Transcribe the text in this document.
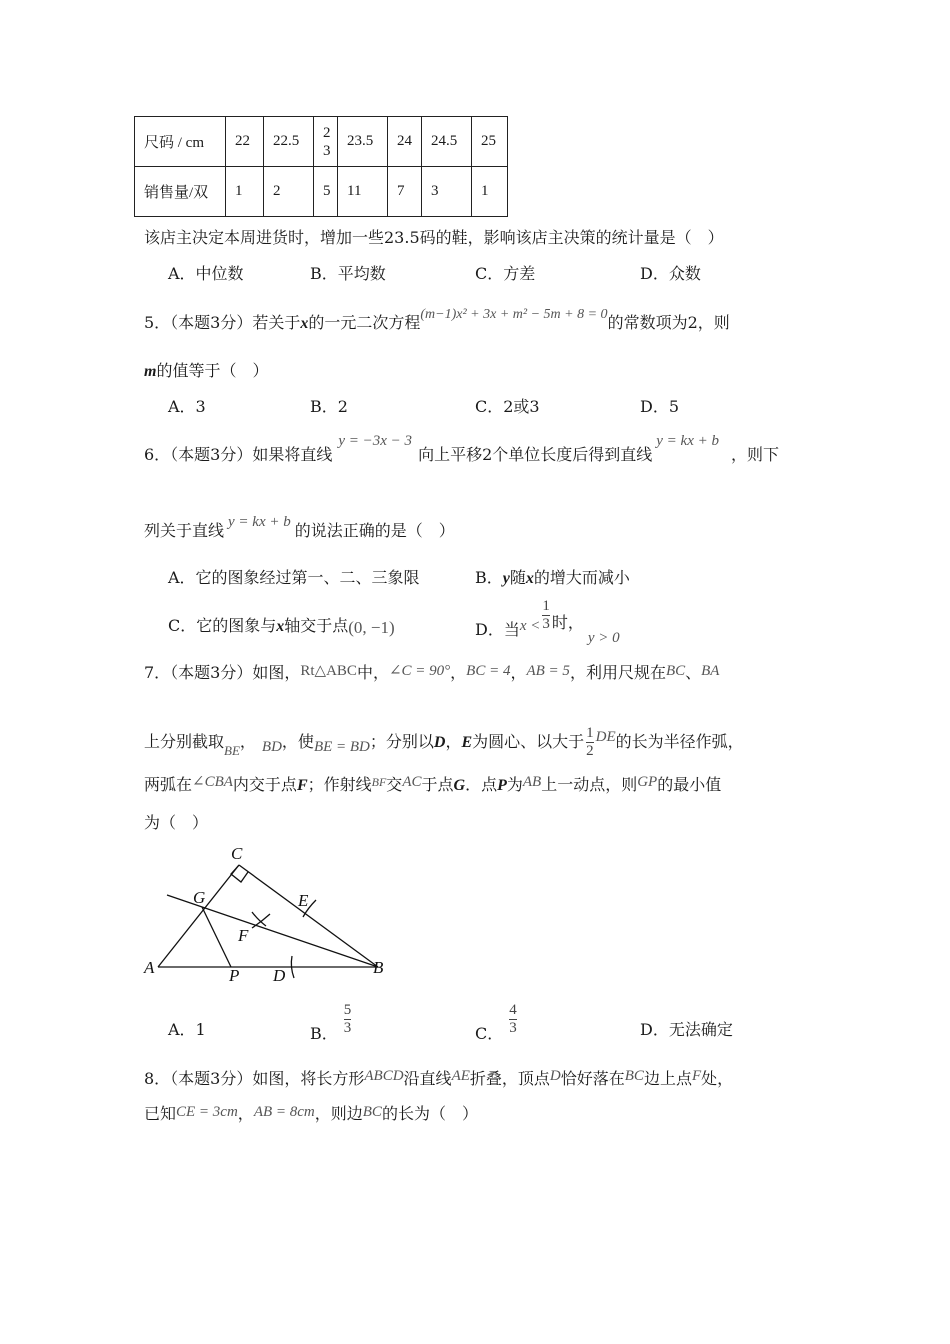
尺码 / cm	22	22.5	23	23.5	24	24.5	25
销售量/双	1	2	5	11	7	3	1
该店主决定本周进货时，增加一些23.5码的鞋，影响该店主决策的统计量是（　）
A．中位数	B．平均数	C．方差	D．众数
5．（本题3分）若关于x的一元二次方程(m−1)x² + 3x + m² − 5m + 8 = 0的常数项为2，则
m的值等于（　）
A．3	B．2	C．2或3	D．5
6．（本题3分）如果将直线y = −3x − 3向上平移2个单位长度后得到直线y = kx + b，则下
列关于直线 y = kx + b 的说法正确的是（　）
A．它的图象经过第一、二、三象限	B．y随x的增大而减小
C．它的图象与x轴交于点(0, −1)	D．当$x < \frac{1}{3}$ 时，y > 0
7．（本题3分）如图，Rt△ABC中，∠C = 90°，BC = 4，AB = 5，利用尺规在BC、BA
上分别截取$_{BE}$， BD，使BE = BD；分别以D，E为圆心、以大于 $\frac{1}{2}$ DE的长为半径作弧，
两弧在∠CBA内交于点F；作射线$^{BF}$交AC于点G．点P为AB上一动点，则GP的最小值
为（　）
C
G	E
F
A	P D	B
A．1	B． $\frac{5}{3}$	C． $\frac{4}{3}$	D．无法确定
8．（本题3分）如图，将长方形ABCD沿直线AE折叠，顶点D恰好落在BC边上点F处，
已知CE = 3cm，AB = 8cm，则边BC的长为（　）
